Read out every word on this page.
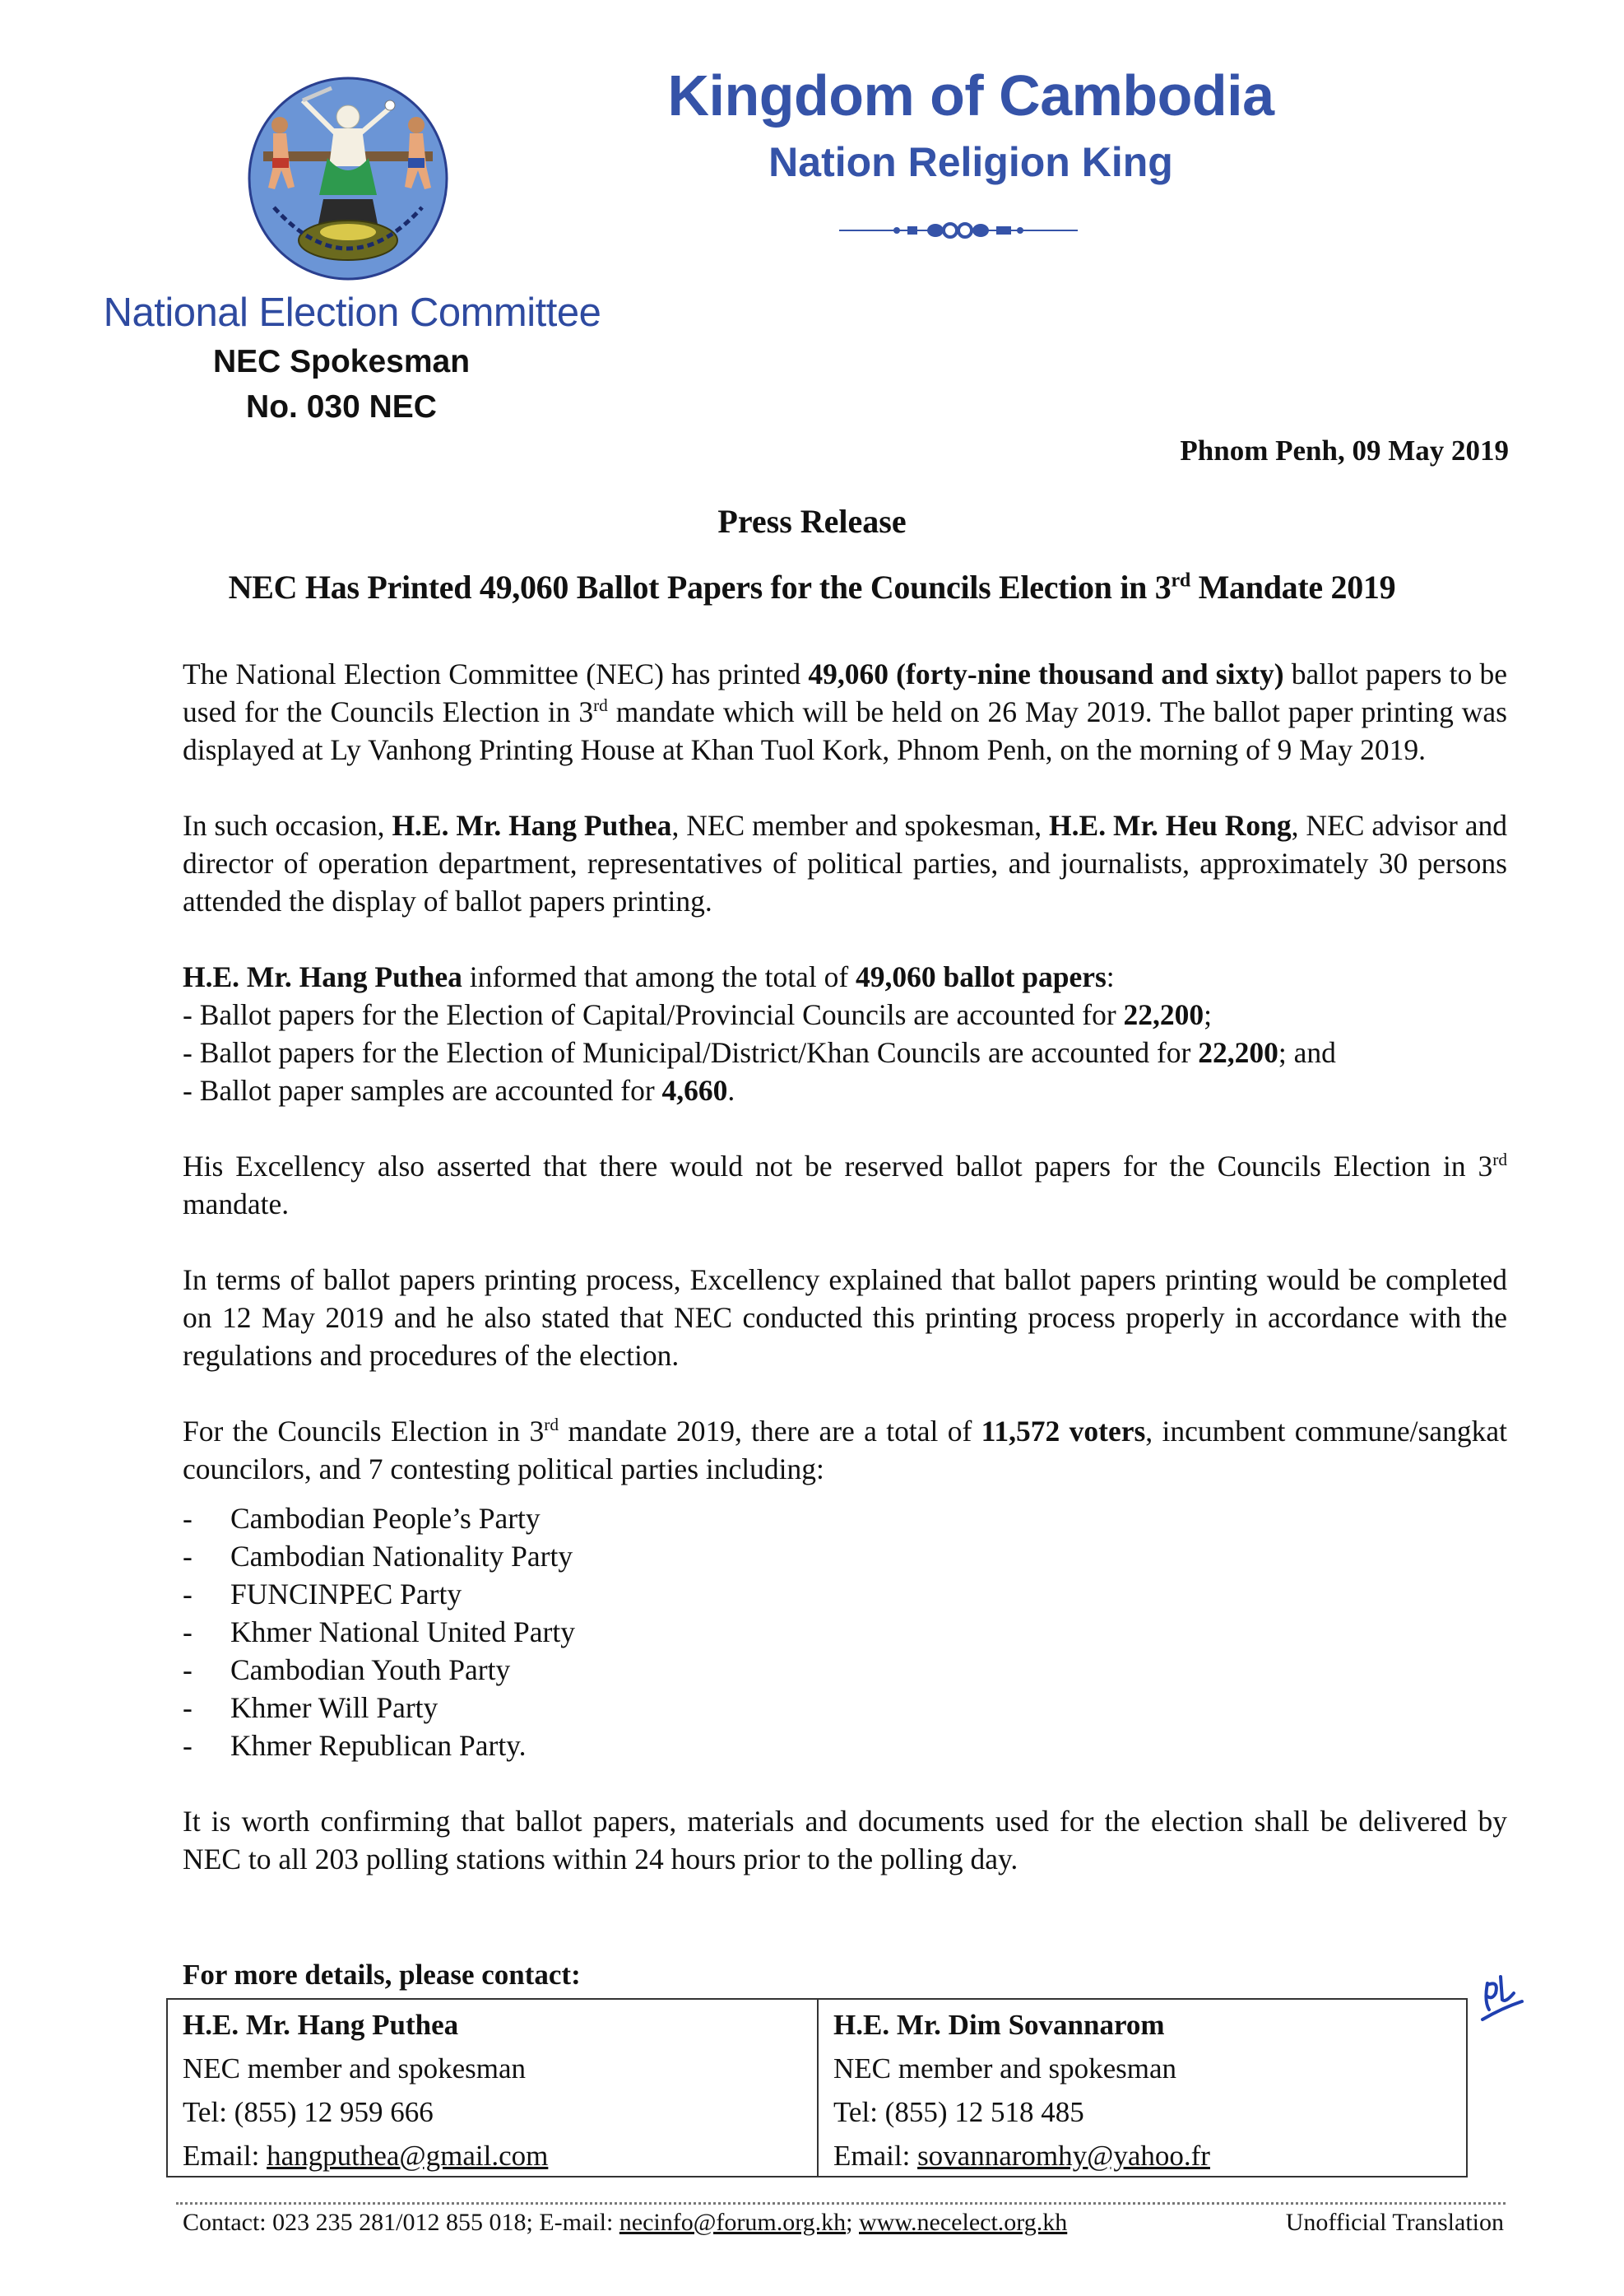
National Election Committee
NEC Spokesman
No. 030 NEC
Kingdom of Cambodia
Nation Religion King
Phnom Penh, 09 May 2019
Press Release
NEC Has Printed 49,060 Ballot Papers for the Councils Election in 3rd Mandate 2019

The National Election Committee (NEC) has printed 49,060 (forty-nine thousand and sixty) ballot papers to be used for the Councils Election in 3rd mandate which will be held on 26 May 2019. The ballot paper printing was displayed at Ly Vanhong Printing House at Khan Tuol Kork, Phnom Penh, on the morning of 9 May 2019.

In such occasion, H.E. Mr. Hang Puthea, NEC member and spokesman, H.E. Mr. Heu Rong, NEC advisor and director of operation department, representatives of political parties, and journalists, approximately 30 persons attended the display of ballot papers printing.

H.E. Mr. Hang Puthea informed that among the total of 49,060 ballot papers:

- Ballot papers for the Election of Capital/Provincial Councils are accounted for 22,200;

- Ballot papers for the Election of Municipal/District/Khan Councils are accounted for 22,200; and

- Ballot paper samples are accounted for 4,660.

His Excellency also asserted that there would not be reserved ballot papers for the Councils Election in 3rd mandate.

In terms of ballot papers printing process, Excellency explained that ballot papers printing would be completed on 12 May 2019 and he also stated that NEC conducted this printing process properly in accordance with the regulations and procedures of the election.

For the Councils Election in 3rd mandate 2019, there are a total of 11,572 voters, incumbent commune/sangkat councilors, and 7 contesting political parties including:

-	Cambodian People’s Party
-	Cambodian Nationality Party
-	FUNCINPEC Party
-	Khmer National United Party
-	Cambodian Youth Party
-	Khmer Will Party
-	Khmer Republican Party.

It is worth confirming that ballot papers, materials and documents used for the election shall be delivered by NEC to all 203 polling stations within 24 hours prior to the polling day.

For more details, please contact:
H.E. Mr. Hang Puthea
NEC member and spokesman
Tel: (855) 12 959 666
Email: hangputhea@gmail.com
H.E. Mr. Dim Sovannarom
NEC member and spokesman
Tel: (855) 12 518 485
Email: sovannaromhy@yahoo.fr
Contact: 023 235 281/012 855 018; E-mail: necinfo@forum.org.kh; www.necelect.org.kh	Unofficial Translation
